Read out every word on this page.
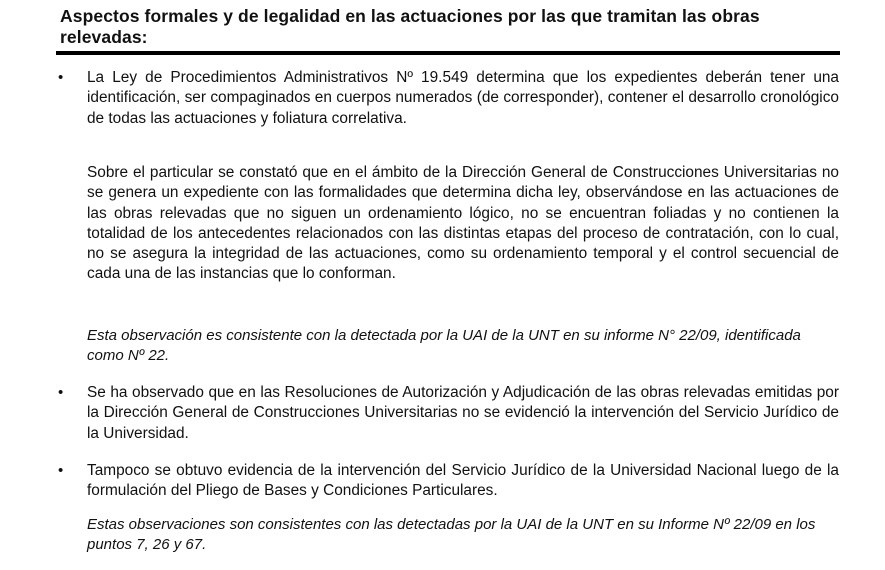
Aspectos formales y de legalidad en las actuaciones por las que tramitan las obras relevadas:
• La Ley de Procedimientos Administrativos Nº 19.549 determina que los expedientes deberán tener una identificación, ser compaginados en cuerpos numerados (de corresponder), contener el desarrollo cronológico de todas las actuaciones y foliatura correlativa.

Sobre el particular se constató que en el ámbito de la Dirección General de Construcciones Universitarias no se genera un expediente con las formalidades que determina dicha ley, observándose en las actuaciones de las obras relevadas que no siguen un ordenamiento lógico, no se encuentran foliadas y no contienen la totalidad de los antecedentes relacionados con las distintas etapas del proceso de contratación, con lo cual, no se asegura la integridad de las actuaciones, como su ordenamiento temporal y el control secuencial de cada una de las instancias que lo conforman.

Esta observación es consistente con la detectada por la UAI de la UNT en su informe N° 22/09, identificada como Nº 22.

• Se ha observado que en las Resoluciones de Autorización y Adjudicación de las obras relevadas emitidas por la Dirección General de Construcciones Universitarias no se evidenció la intervención del Servicio Jurídico de la Universidad.

• Tampoco se obtuvo evidencia de la intervención del Servicio Jurídico de la Universidad Nacional luego de la formulación del Pliego de Bases y Condiciones Particulares.

Estas observaciones son consistentes con las detectadas por la UAI de la UNT en su Informe Nº 22/09 en los puntos 7, 26 y 67.
